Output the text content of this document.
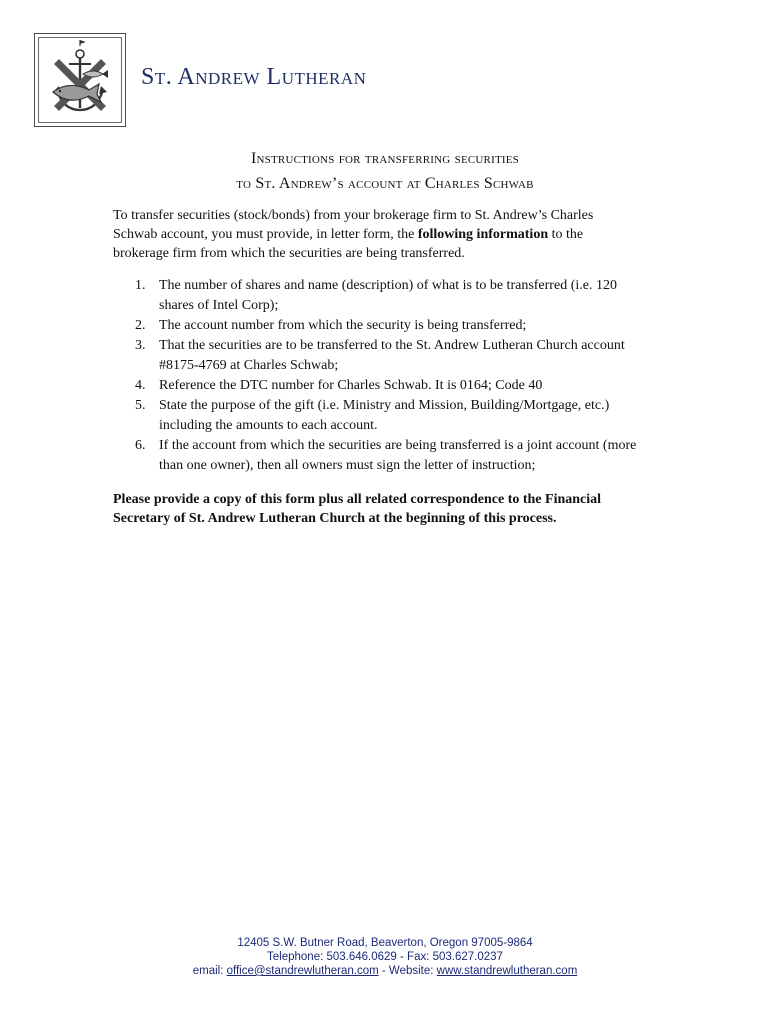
St. Andrew Lutheran
Instructions for transferring securities
to St. Andrew’s account at Charles Schwab

To transfer securities (stock/bonds) from your brokerage firm to St. Andrew’s Charles Schwab account, you must provide, in letter form, the following information to the brokerage firm from which the securities are being transferred.

1. The number of shares and name (description) of what is to be transferred (i.e. 120 shares of Intel Corp);
2. The account number from which the security is being transferred;
3. That the securities are to be transferred to the St. Andrew Lutheran Church account #8175-4769 at Charles Schwab;
4. Reference the DTC number for Charles Schwab. It is 0164; Code 40
5. State the purpose of the gift (i.e. Ministry and Mission, Building/Mortgage, etc.) including the amounts to each account.
6. If the account from which the securities are being transferred is a joint account (more than one owner), then all owners must sign the letter of instruction;

Please provide a copy of this form plus all related correspondence to the Financial Secretary of St. Andrew Lutheran Church at the beginning of this process.

12405 S.W. Butner Road, Beaverton, Oregon 97005-9864
Telephone: 503.646.0629 - Fax: 503.627.0237
email: office@standrewlutheran.com - Website: www.standrewlutheran.com
